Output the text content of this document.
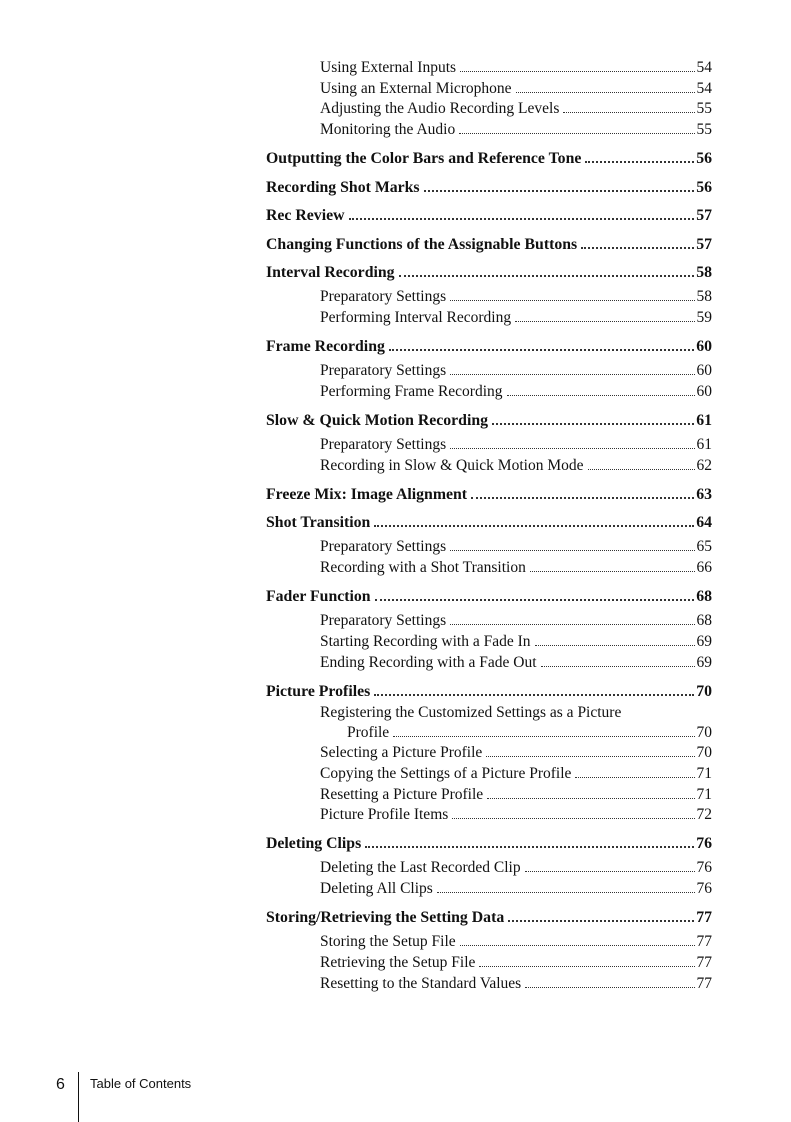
Using External Inputs	54
Using an External Microphone	54
Adjusting the Audio Recording Levels	55
Monitoring the Audio	55
Outputting the Color Bars and Reference Tone	56
Recording Shot Marks	56
Rec Review	57
Changing Functions of the Assignable Buttons	57
Interval Recording	58
Preparatory Settings	58
Performing Interval Recording	59
Frame Recording	60
Preparatory Settings	60
Performing Frame Recording	60
Slow & Quick Motion Recording	61
Preparatory Settings	61
Recording in Slow & Quick Motion Mode	62
Freeze Mix: Image Alignment	63
Shot Transition	64
Preparatory Settings	65
Recording with a Shot Transition	66
Fader Function	68
Preparatory Settings	68
Starting Recording with a Fade In	69
Ending Recording with a Fade Out	69
Picture Profiles	70
Registering the Customized Settings as a Picture
Profile	70
Selecting a Picture Profile	70
Copying the Settings of a Picture Profile	71
Resetting a Picture Profile	71
Picture Profile Items	72
Deleting Clips	76
Deleting the Last Recorded Clip	76
Deleting All Clips	76
Storing/Retrieving the Setting Data	77
Storing the Setup File	77
Retrieving the Setup File	77
Resetting to the Standard Values	77
6 Table of Contents
